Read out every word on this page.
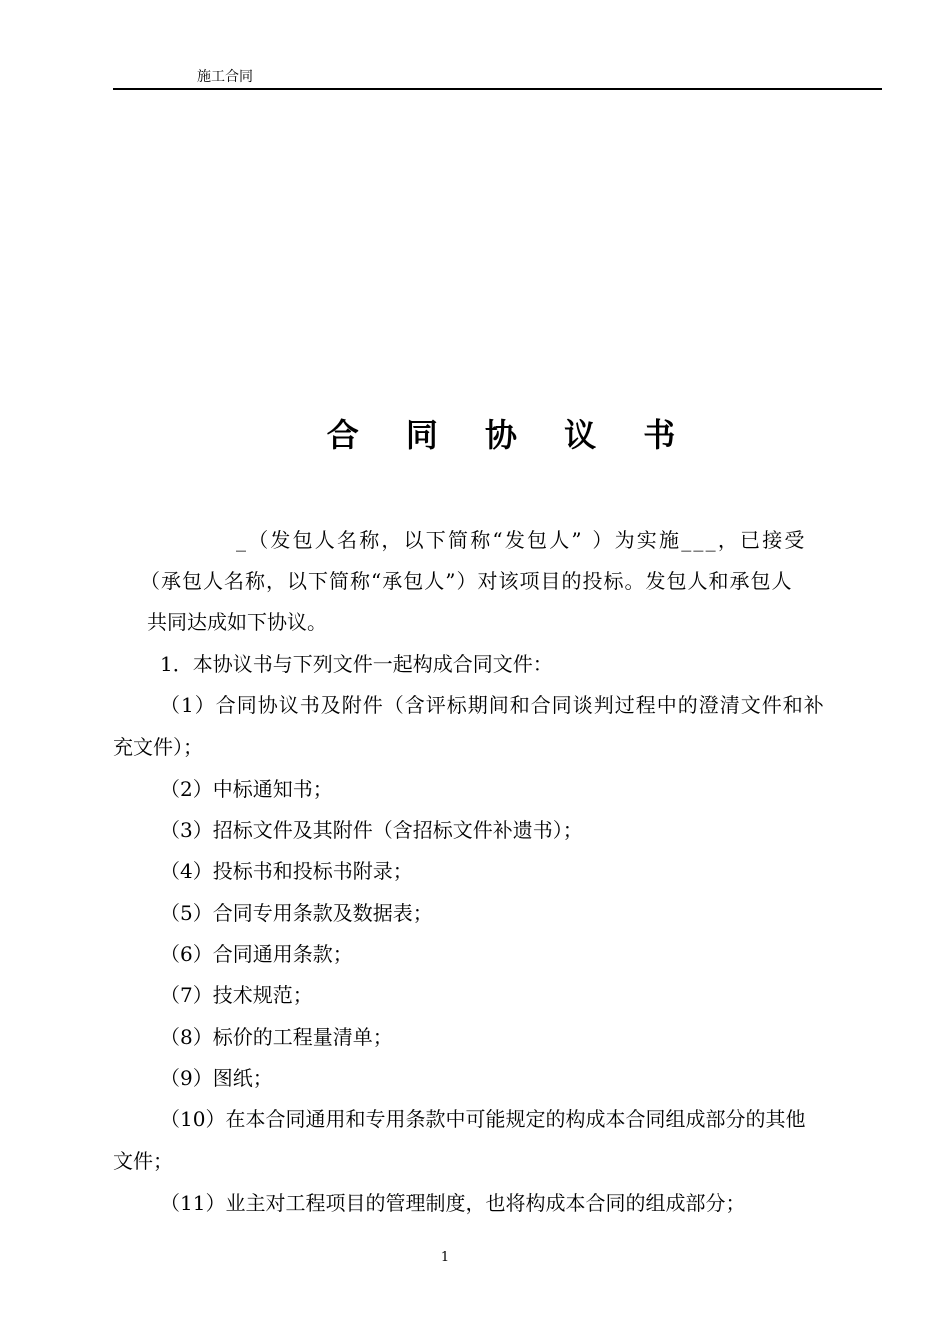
施工合同
合 同 协 议 书
_（发包人名称，以下简称“发包人” ）为实施___，已接受
（承包人名称，以下简称“承包人”）对该项目的投标。发包人和承包人
共同达成如下协议。
1．本协议书与下列文件一起构成合同文件：
（1）合同协议书及附件（含评标期间和合同谈判过程中的澄清文件和补
充文件）；
（2）中标通知书；
（3）招标文件及其附件（含招标文件补遗书）；
（4）投标书和投标书附录；
（5）合同专用条款及数据表；
（6）合同通用条款；
（7）技术规范；
（8）标价的工程量清单；
（9）图纸；
（10）在本合同通用和专用条款中可能规定的构成本合同组成部分的其他
文件；
（11）业主对工程项目的管理制度，也将构成本合同的组成部分；
1
